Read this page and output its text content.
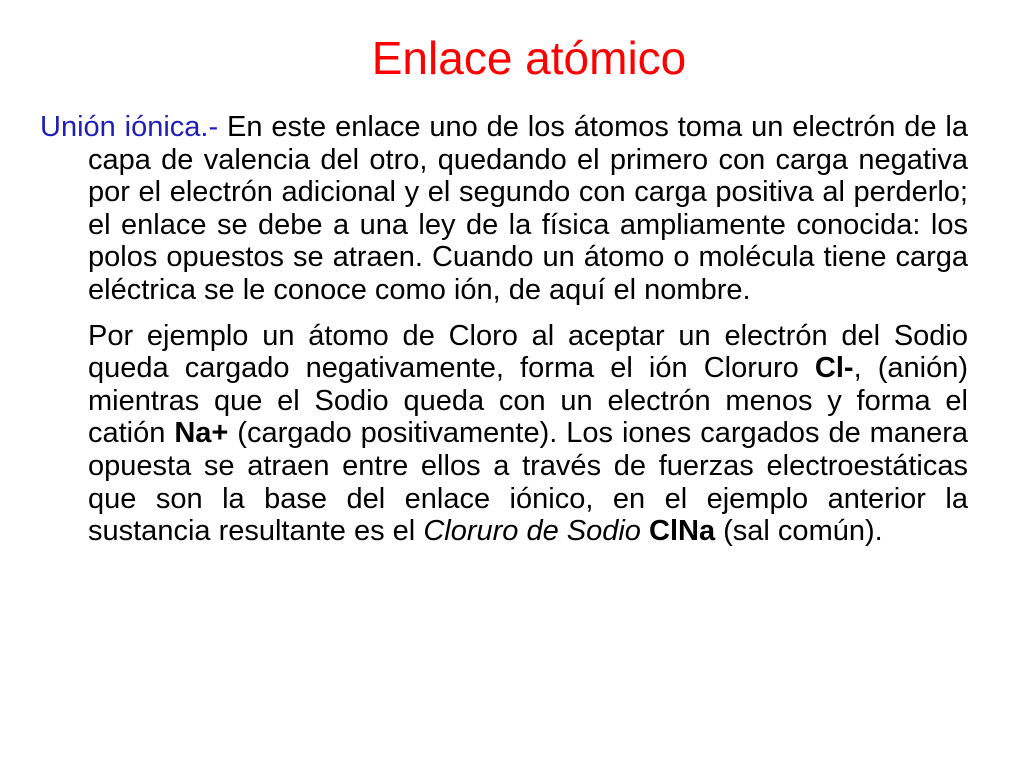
Enlace atómico

Unión iónica.- En este enlace uno de los átomos toma un electrón de la capa de valencia del otro, quedando el primero con carga negativa por el electrón adicional y el segundo con carga positiva al perderlo; el enlace se debe a una ley de la física ampliamente conocida: los polos opuestos se atraen. Cuando un átomo o molécula tiene carga eléctrica se le conoce como ión, de aquí el nombre.

Por ejemplo un átomo de Cloro al aceptar un electrón del Sodio queda cargado negativamente, forma el ión Cloruro Cl-, (anión) mientras que el Sodio queda con un electrón menos y forma el catión Na+ (cargado positivamente). Los iones cargados de manera opuesta se atraen entre ellos a través de fuerzas electroestáticas que son la base del enlace iónico, en el ejemplo anterior la sustancia resultante es el Cloruro de Sodio ClNa (sal común).
